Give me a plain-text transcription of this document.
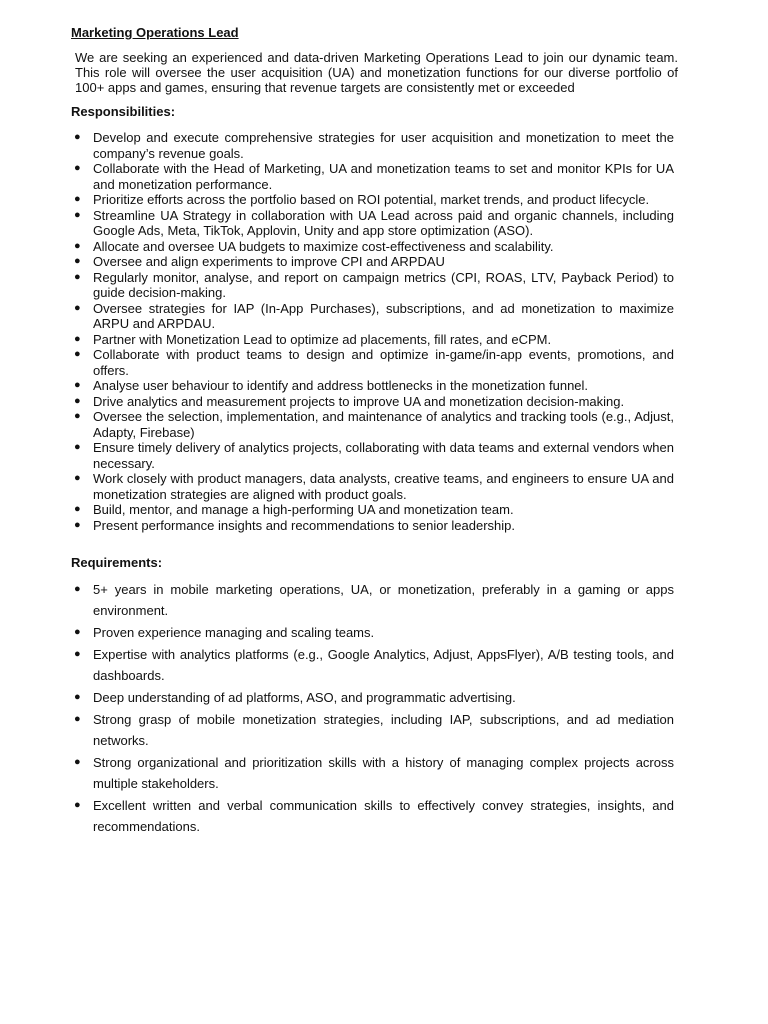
Marketing Operations Lead
We are seeking an experienced and data-driven Marketing Operations Lead to join our dynamic team. This role will oversee the user acquisition (UA) and monetization functions for our diverse portfolio of 100+ apps and games, ensuring that revenue targets are consistently met or exceeded
Responsibilities:
● Develop and execute comprehensive strategies for user acquisition and monetization to meet the company’s revenue goals.
● Collaborate with the Head of Marketing, UA and monetization teams to set and monitor KPIs for UA and monetization performance.
● Prioritize efforts across the portfolio based on ROI potential, market trends, and product lifecycle.
● Streamline UA Strategy in collaboration with UA Lead across paid and organic channels, including Google Ads, Meta, TikTok, Applovin, Unity and app store optimization (ASO).
● Allocate and oversee UA budgets to maximize cost-effectiveness and scalability.
● Oversee and align experiments to improve CPI and ARPDAU
● Regularly monitor, analyse, and report on campaign metrics (CPI, ROAS, LTV, Payback Period) to guide decision-making.
● Oversee strategies for IAP (In-App Purchases), subscriptions, and ad monetization to maximize ARPU and ARPDAU.
● Partner with Monetization Lead to optimize ad placements, fill rates, and eCPM.
● Collaborate with product teams to design and optimize in-game/in-app events, promotions, and offers.
● Analyse user behaviour to identify and address bottlenecks in the monetization funnel.
● Drive analytics and measurement projects to improve UA and monetization decision-making.
● Oversee the selection, implementation, and maintenance of analytics and tracking tools (e.g., Adjust, Adapty, Firebase)
● Ensure timely delivery of analytics projects, collaborating with data teams and external vendors when necessary.
● Work closely with product managers, data analysts, creative teams, and engineers to ensure UA and monetization strategies are aligned with product goals.
● Build, mentor, and manage a high-performing UA and monetization team.
● Present performance insights and recommendations to senior leadership.
Requirements:
● 5+ years in mobile marketing operations, UA, or monetization, preferably in a gaming or apps environment.
● Proven experience managing and scaling teams.
● Expertise with analytics platforms (e.g., Google Analytics, Adjust, AppsFlyer), A/B testing tools, and dashboards.
● Deep understanding of ad platforms, ASO, and programmatic advertising.
● Strong grasp of mobile monetization strategies, including IAP, subscriptions, and ad mediation networks.
● Strong organizational and prioritization skills with a history of managing complex projects across multiple stakeholders.
● Excellent written and verbal communication skills to effectively convey strategies, insights, and recommendations.
